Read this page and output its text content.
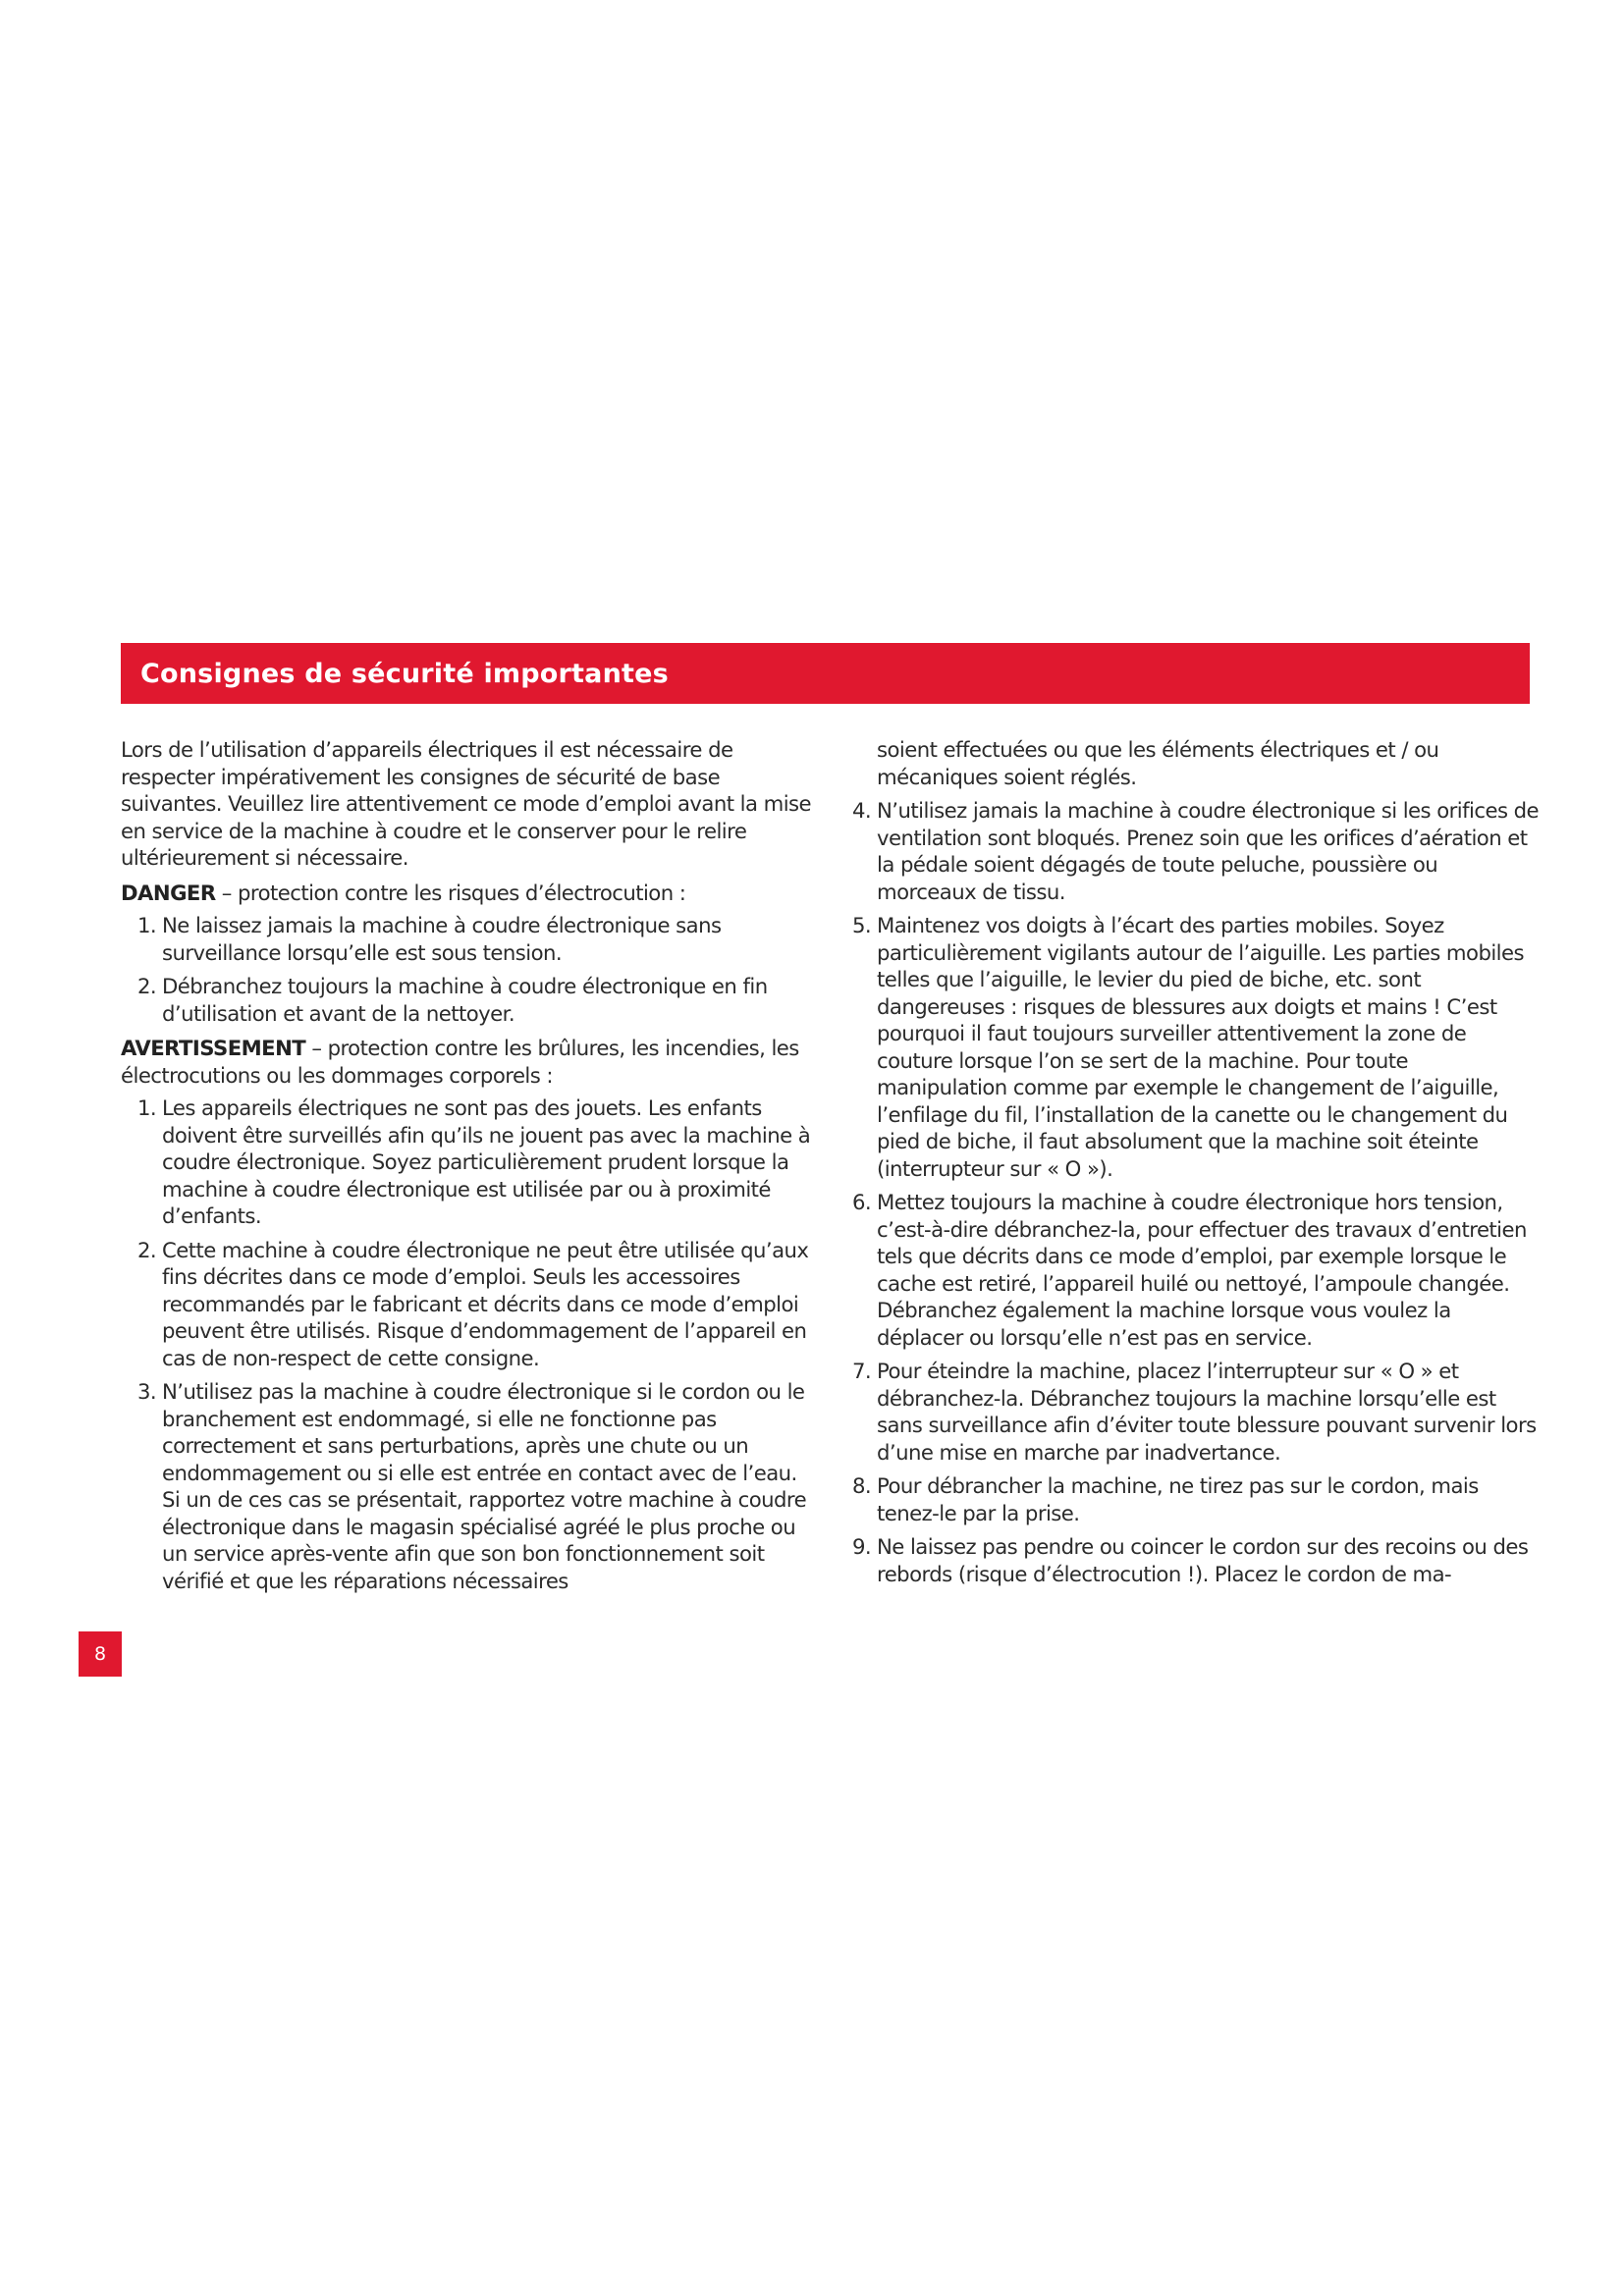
Consignes de sécurité importantes

Lors de l’utilisation d’appareils électriques il est nécessaire de respecter impérativement les consignes de sécurité de base suivantes. Veuillez lire attentivement ce mode d’emploi avant la mise en service de la machine à coudre et le conserver pour le relire ultérieurement si nécessaire.

DANGER – protection contre les risques d’électrocution :

1. Ne laissez jamais la machine à coudre électronique sans surveillance lorsqu’elle est sous tension.
2. Débranchez toujours la machine à coudre électronique en fin d’utilisation et avant de la nettoyer.

AVERTISSEMENT – protection contre les brûlures, les incendies, les électrocutions ou les dommages corporels :

1. Les appareils électriques ne sont pas des jouets. Les enfants doivent être surveillés afin qu’ils ne jouent pas avec la machine à coudre électronique. Soyez particulièrement prudent lorsque la machine à coudre électronique est utilisée par ou à proximité d’enfants.
2. Cette machine à coudre électronique ne peut être utilisée qu’aux fins décrites dans ce mode d’emploi. Seuls les accessoires recommandés par le fabricant et décrits dans ce mode d’emploi peuvent être utilisés. Risque d’endommagement de l’appareil en cas de non-respect de cette consigne.
3. N’utilisez pas la machine à coudre électronique si le cordon ou le branchement est endommagé, si elle ne fonctionne pas correctement et sans perturbations, après une chute ou un endommagement ou si elle est entrée en contact avec de l’eau. Si un de ces cas se présentait, rapportez votre machine à coudre électronique dans le magasin spécialisé agréé le plus proche ou un service après-vente afin que son bon fonctionnement soit vérifié et que les réparations nécessaires

soient effectuées ou que les éléments électriques et / ou mécaniques soient réglés.

4. N’utilisez jamais la machine à coudre électronique si les orifices de ventilation sont bloqués. Prenez soin que les orifices d’aération et la pédale soient dégagés de toute peluche, poussière ou morceaux de tissu.
5. Maintenez vos doigts à l’écart des parties mobiles. Soyez particulièrement vigilants autour de l’aiguille. Les parties mobiles telles que l’aiguille, le levier du pied de biche, etc. sont dangereuses : risques de blessures aux doigts et mains ! C’est pourquoi il faut toujours surveiller attentivement la zone de couture lorsque l’on se sert de la machine. Pour toute manipulation comme par exemple le changement de l’aiguille, l’enfilage du fil, l’installation de la canette ou le changement du pied de biche, il faut absolument que la machine soit éteinte (interrupteur sur « O »).
6. Mettez toujours la machine à coudre électronique hors tension, c’est-à-dire débranchez-la, pour effectuer des travaux d’entretien tels que décrits dans ce mode d’emploi, par exemple lorsque le cache est retiré, l’appareil huilé ou nettoyé, l’ampoule changée. Débranchez également la machine lorsque vous voulez la déplacer ou lorsqu’elle n’est pas en service.
7. Pour éteindre la machine, placez l’interrupteur sur « O » et débranchez-la. Débranchez toujours la machine lorsqu’elle est sans surveillance afin d’éviter toute blessure pouvant survenir lors d’une mise en marche par inadvertance.
8. Pour débrancher la machine, ne tirez pas sur le cordon, mais tenez-le par la prise.
9. Ne laissez pas pendre ou coincer le cordon sur des recoins ou des rebords (risque d’électrocution !). Placez le cordon de ma-
8
